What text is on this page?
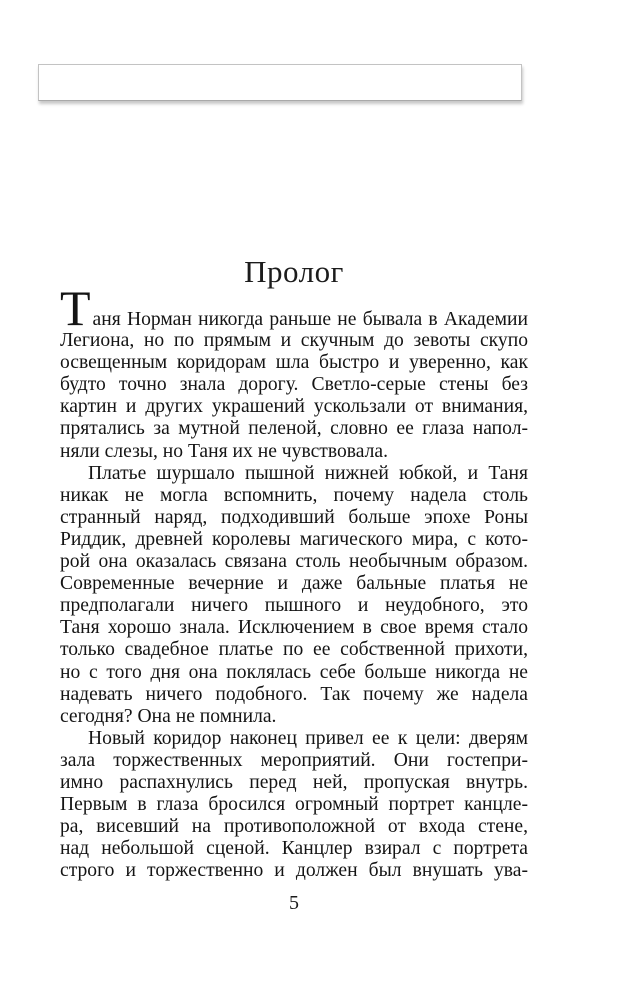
Пролог
Таня Норман никогда раньше не бывала в Академии
Легиона, но по прямым и скучным до зевоты скупо
освещенным коридорам шла быстро и уверенно, как
будто точно знала дорогу. Светло-серые стены без
картин и других украшений ускользали от внимания,
прятались за мутной пеленой, словно ее глаза напол-
няли слезы, но Таня их не чувствовала.
Платье шуршало пышной нижней юбкой, и Таня
никак не могла вспомнить, почему надела столь
странный наряд, подходивший больше эпохе Роны
Риддик, древней королевы магического мира, с кото-
рой она оказалась связана столь необычным образом.
Современные вечерние и даже бальные платья не
предполагали ничего пышного и неудобного, это
Таня хорошо знала. Исключением в свое время стало
только свадебное платье по ее собственной прихоти,
но с того дня она поклялась себе больше никогда не
надевать ничего подобного. Так почему же надела
сегодня? Она не помнила.
Новый коридор наконец привел ее к цели: дверям
зала торжественных мероприятий. Они гостепри-
имно распахнулись перед ней, пропуская внутрь.
Первым в глаза бросился огромный портрет канцле-
ра, висевший на противоположной от входа стене,
над небольшой сценой. Канцлер взирал с портрета
строго и торжественно и должен был внушать ува-
5
